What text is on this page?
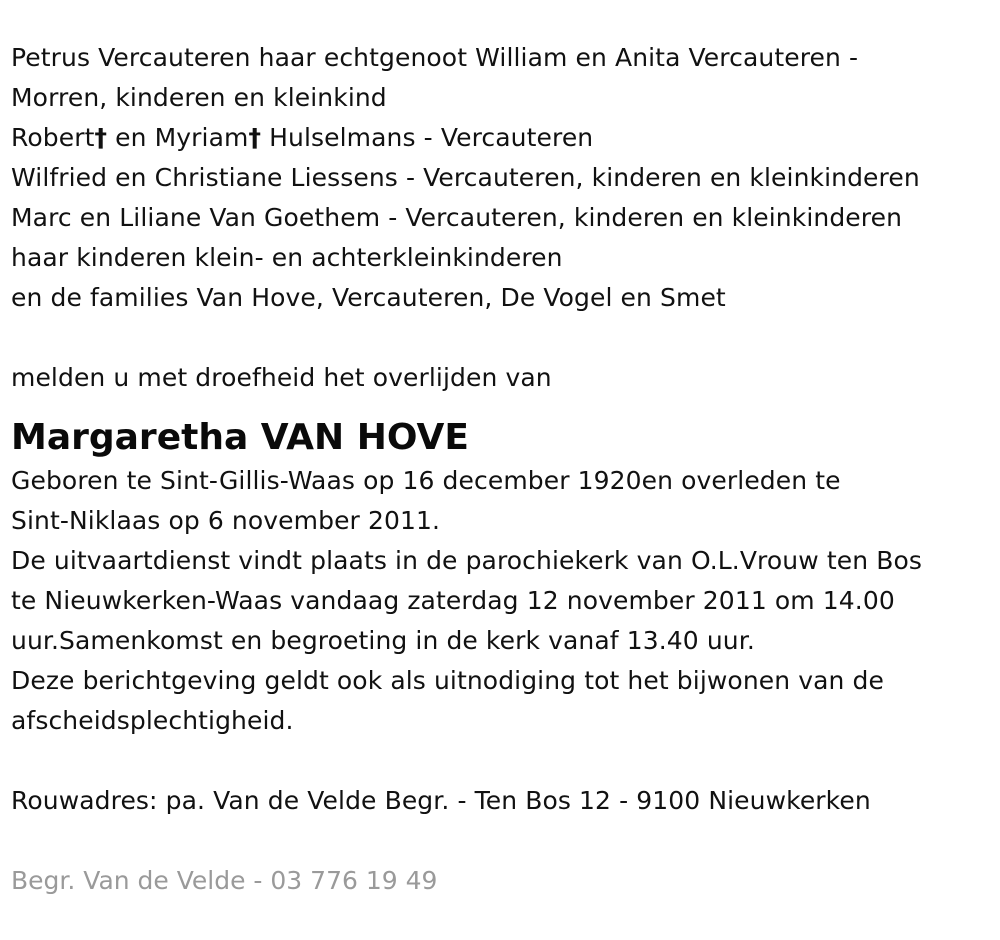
Petrus Vercauteren haar echtgenoot William en Anita Vercauteren -
Morren, kinderen en kleinkind
Robert† en Myriam† Hulselmans - Vercauteren
Wilfried en Christiane Liessens - Vercauteren, kinderen en kleinkinderen
Marc en Liliane Van Goethem - Vercauteren, kinderen en kleinkinderen
haar kinderen klein- en achterkleinkinderen
en de families Van Hove, Vercauteren, De Vogel en Smet
melden u met droefheid het overlijden van
Margaretha VAN HOVE
Geboren te Sint-Gillis-Waas op 16 december 1920en overleden te
Sint-Niklaas op 6 november 2011.
De uitvaartdienst vindt plaats in de parochiekerk van O.L.Vrouw ten Bos
te Nieuwkerken-Waas vandaag zaterdag 12 november 2011 om 14.00
uur.Samenkomst en begroeting in de kerk vanaf 13.40 uur.
Deze berichtgeving geldt ook als uitnodiging tot het bijwonen van de
afscheidsplechtigheid.
Rouwadres: pa. Van de Velde Begr. - Ten Bos 12 - 9100 Nieuwkerken
Begr. Van de Velde - 03 776 19 49
